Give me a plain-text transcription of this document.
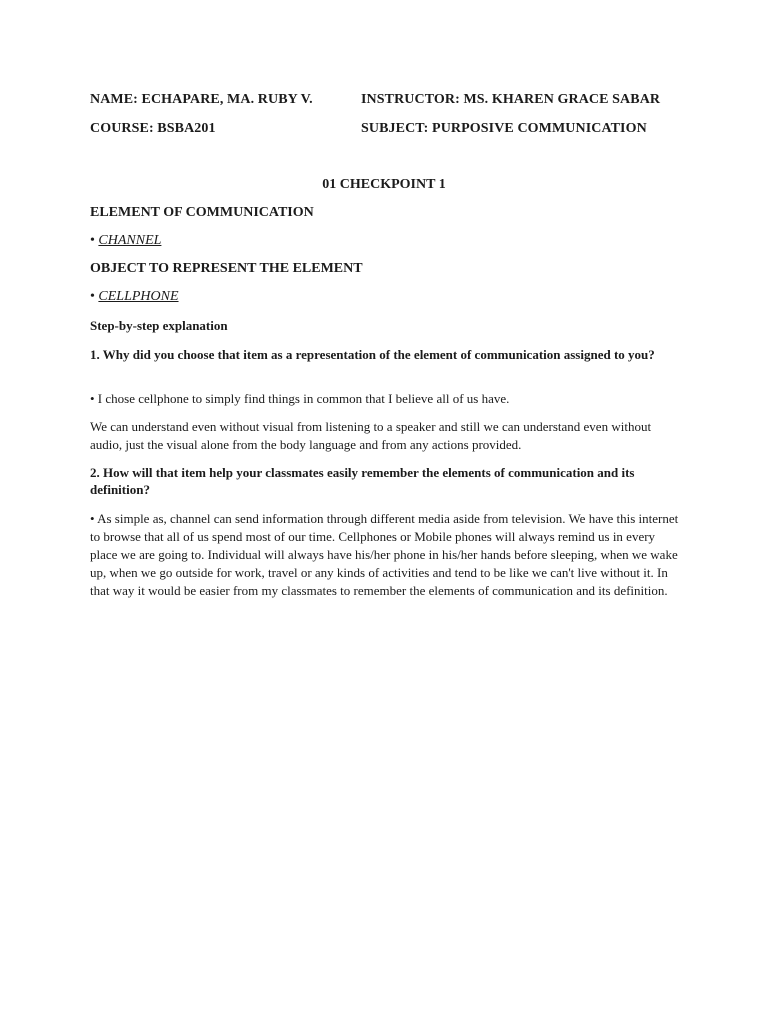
NAME: ECHAPARE, MA. RUBY V.	INSTRUCTOR: MS. KHAREN GRACE SABAR
COURSE: BSBA201	SUBJECT: PURPOSIVE COMMUNICATION
01 CHECKPOINT 1
ELEMENT OF COMMUNICATION
• CHANNEL
OBJECT TO REPRESENT THE ELEMENT
• CELLPHONE
Step-by-step explanation
1. Why did you choose that item as a representation of the element of communication assigned to you?
• I chose cellphone to simply find things in common that I believe all of us have.
We can understand even without visual from listening to a speaker and still we can understand even without audio, just the visual alone from the body language and from any actions provided.
2. How will that item help your classmates easily remember the elements of communication and its definition?
• As simple as, channel can send information through different media aside from television. We have this internet to browse that all of us spend most of our time. Cellphones or Mobile phones will always remind us in every place we are going to. Individual will always have his/her phone in his/her hands before sleeping, when we wake up, when we go outside for work, travel or any kinds of activities and tend to be like we can't live without it. In that way it would be easier from my classmates to remember the elements of communication and its definition.
